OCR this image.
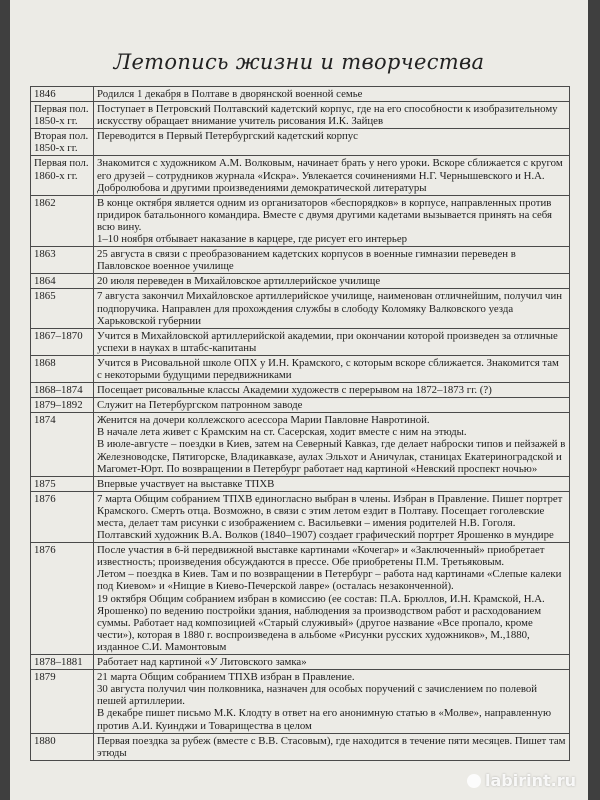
Летопись жизни и творчества
1846	Родился 1 декабря в Полтаве в дворянской военной семье

Первая пол. 1850-х гг.	Поступает в Петровский Полтавский кадетский корпус, где на его способности к изобразительному искусству обращает внимание учитель рисования И.К. Зайцев

Вторая пол. 1850-х гг.	Переводится в Первый Петербургский кадетский корпус

Первая пол. 1860-х гг.	Знакомится с художником А.М. Волковым, начинает брать у него уроки. Вскоре сближается с кругом его друзей – сотрудников журнала «Искра». Увлекается сочинениями Н.Г. Чернышевского и Н.А. Добролюбова и другими произведениями демократической литературы

1862	В конце октября является одним из организаторов «беспорядков» в корпусе, направленных против придирок батальонного командира. Вместе с двумя другими кадетами вызывается принять на себя всю вину.
1–10 ноября отбывает наказание в карцере, где рисует его интерьер

1863	25 августа в связи с преобразованием кадетских корпусов в военные гимназии переведен в Павловское военное училище

1864	20 июля переведен в Михайловское артиллерийское училище

1865	7 августа закончил Михайловское артиллерийское училище, наименован отличнейшим, получил чин подпоручика. Направлен для прохождения службы в слободу Коломяку Валковского уезда Харьковской губернии

1867–1870	Учится в Михайловской артиллерийской академии, при окончании которой произведен за отличные успехи в науках в штабс-капитаны

1868	Учится в Рисовальной школе ОПХ у И.Н. Крамского, с которым вскоре сближается. Знакомится там с некоторыми будущими передвижниками

1868–1874	Посещает рисовальные классы Академии художеств с перерывом на 1872–1873 гг. (?)

1879–1892	Служит на Петербургском патронном заводе

1874	Женится на дочери коллежского асессора Марии Павловне Навротиной.
В начале лета живет с Крамским на ст. Сасерская, ходит вместе с ним на этюды.
В июле-августе – поездки в Киев, затем на Северный Кавказ, где делает наброски типов и пейзажей в Железноводске, Пятигорске, Владикавказе, аулах Эльхот и Аничулак, станицах Екатериноградской и Магомет-Юрт. По возвращении в Петербург работает над картиной «Невский проспект ночью»

1875	Впервые участвует на выставке ТПХВ

1876	7 марта Общим собранием ТПХВ единогласно выбран в члены. Избран в Правление. Пишет портрет Крамского. Смерть отца. Возможно, в связи с этим летом ездит в Полтаву. Посещает гоголевские места, делает там рисунки с изображением с. Васильевки – имения родителей Н.В. Гоголя. Полтавский художник В.А. Волков (1840–1907) создает графический портрет Ярошенко в мундире

1876	После участия в 6-й передвижной выставке картинами «Кочегар» и «Заключенный» приобретает известность; произведения обсуждаются в прессе. Обе приобретены П.М. Третьяковым.
Летом – поездка в Киев. Там и по возвращении в Петербург – работа над картинами «Слепые калеки под Киевом» и «Нищие в Киево-Печерской лавре» (осталась незаконченной).
19 октября Общим собранием избран в комиссию (ее состав: П.А. Брюллов, И.Н. Крамской, Н.А. Ярошенко) по ведению постройки здания, наблюдения за производством работ и расходованием суммы. Работает над композицией «Старый служивый» (другое название «Все пропало, кроме чести»), которая в 1880 г. воспроизведена в альбоме «Рисунки русских художников», М.,1880, изданное С.И. Мамонтовым

1878–1881	Работает над картиной «У Литовского замка»

1879	21 марта Общим собранием ТПХВ избран в Правление.
30 августа получил чин полковника, назначен для особых поручений с зачислением по полевой пешей артиллерии.
В декабре пишет письмо М.К. Клодту в ответ на его анонимную статью в «Молве», направленную против А.И. Куинджи и Товарищества в целом

1880	Первая поездка за рубеж (вместе с В.В. Стасовым), где находится в течение пяти месяцев. Пишет там этюды
labirint.ru
